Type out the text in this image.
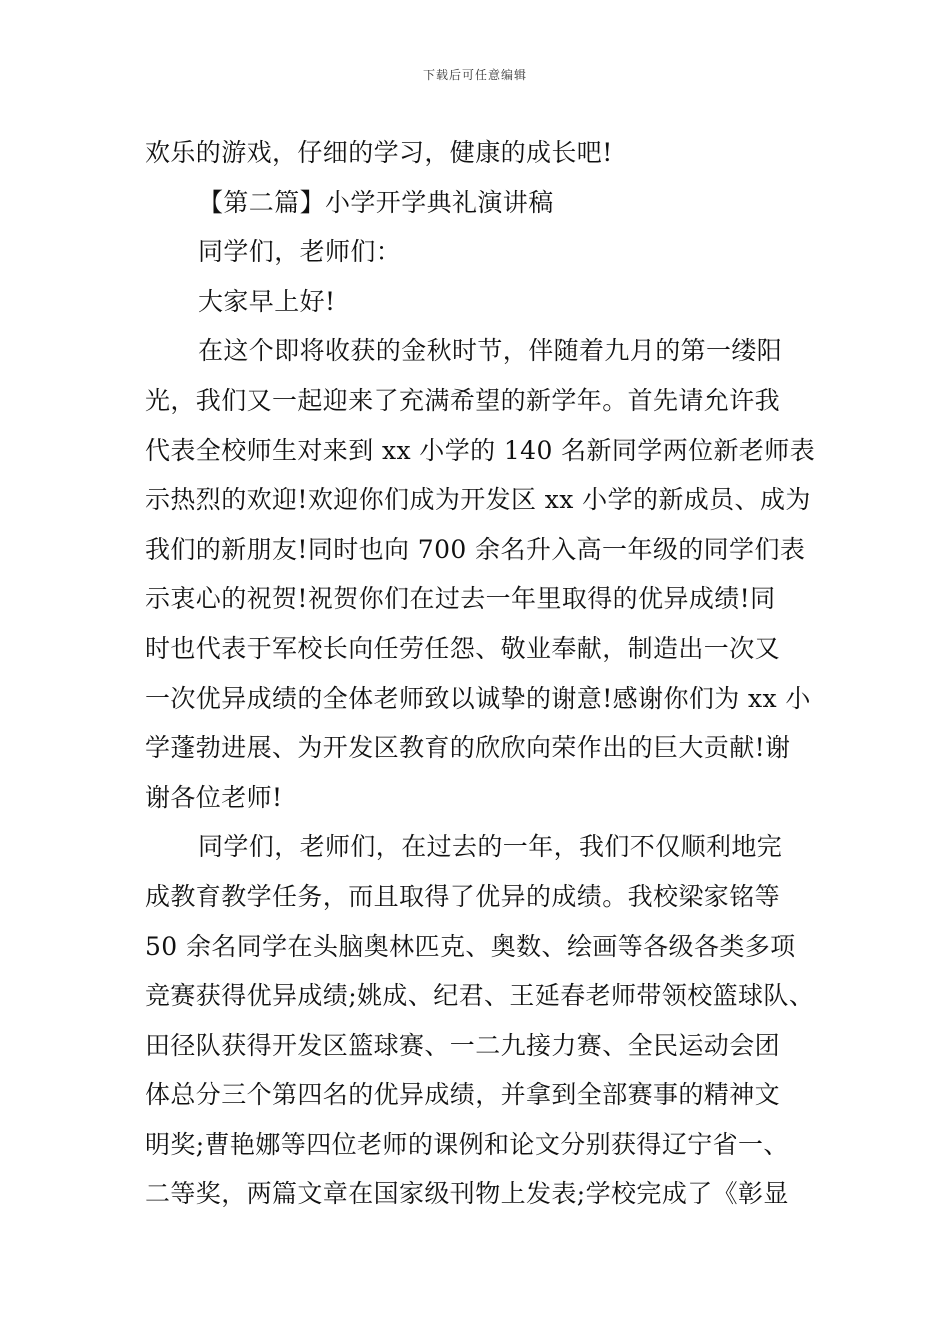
下载后可任意编辑
欢乐的游戏，仔细的学习，健康的成长吧!
【第二篇】小学开学典礼演讲稿
同学们，老师们：
大家早上好!
在这个即将收获的金秋时节，伴随着九月的第一缕阳
光，我们又一起迎来了充满希望的新学年。首先请允许我
代表全校师生对来到 xx 小学的 140 名新同学两位新老师表
示热烈的欢迎!欢迎你们成为开发区 xx 小学的新成员、成为
我们的新朋友!同时也向 700 余名升入高一年级的同学们表
示衷心的祝贺!祝贺你们在过去一年里取得的优异成绩!同
时也代表于军校长向任劳任怨、敬业奉献，制造出一次又
一次优异成绩的全体老师致以诚挚的谢意!感谢你们为 xx 小
学蓬勃进展、为开发区教育的欣欣向荣作出的巨大贡献!谢
谢各位老师!
同学们，老师们，在过去的一年，我们不仅顺利地完
成教育教学任务，而且取得了优异的成绩。我校梁家铭等
50 余名同学在头脑奥林匹克、奥数、绘画等各级各类多项
竞赛获得优异成绩;姚成、纪君、王延春老师带领校篮球队、
田径队获得开发区篮球赛、一二九接力赛、全民运动会团
体总分三个第四名的优异成绩，并拿到全部赛事的精神文
明奖;曹艳娜等四位老师的课例和论文分别获得辽宁省一、
二等奖，两篇文章在国家级刊物上发表;学校完成了《彰显
